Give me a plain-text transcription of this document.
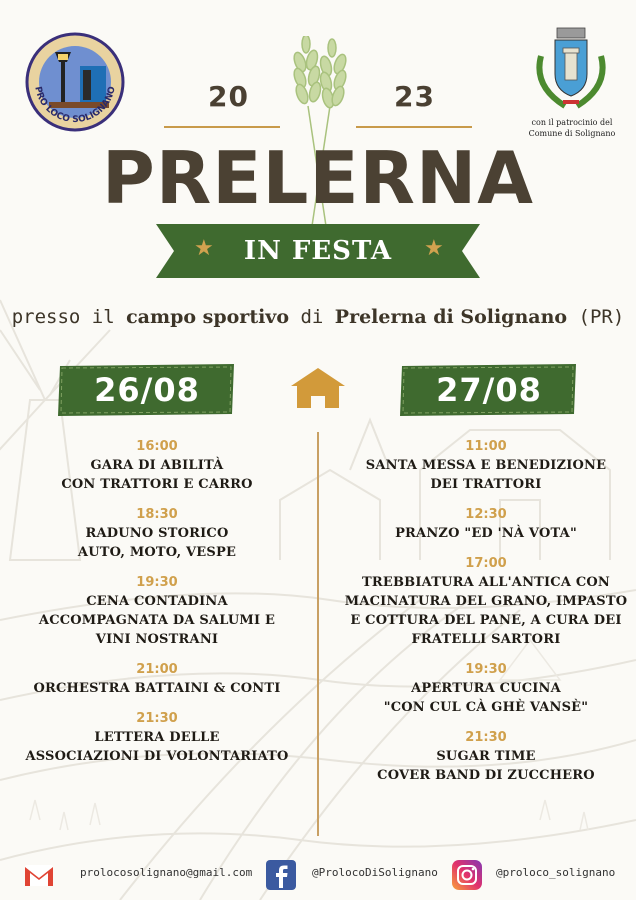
PRO LOCO SOLIGNANO
con il patrocinio del
Comune di Solignano
20	23
PRELERNA
★	★
IN FESTA
presso il campo sportivo di Prelerna di Solignano (PR)
26/08	27/08
16:00
GARA DI ABILITÀ
CON TRATTORI E CARRO
18:30
RADUNO STORICO
AUTO, MOTO, VESPE
19:30
CENA CONTADINA
ACCOMPAGNATA DA SALUMI E
VINI NOSTRANI
21:00
ORCHESTRA BATTAINI & CONTI
21:30
LETTERA DELLE
ASSOCIAZIONI DI VOLONTARIATO
11:00
SANTA MESSA E BENEDIZIONE
DEI TRATTORI
12:30
PRANZO "ED 'NÀ VOTA"
17:00
TREBBIATURA ALL'ANTICA CON
MACINATURA DEL GRANO, IMPASTO
E COTTURA DEL PANE, A CURA DEI
FRATELLI SARTORI
19:30
APERTURA CUCINA
"CON CUL CÀ GHÈ VANSÈ"
21:30
SUGAR TIME
COVER BAND DI ZUCCHERO
prolocosolignano@gmail.com	@ProlocoDiSolignano	@proloco_solignano
